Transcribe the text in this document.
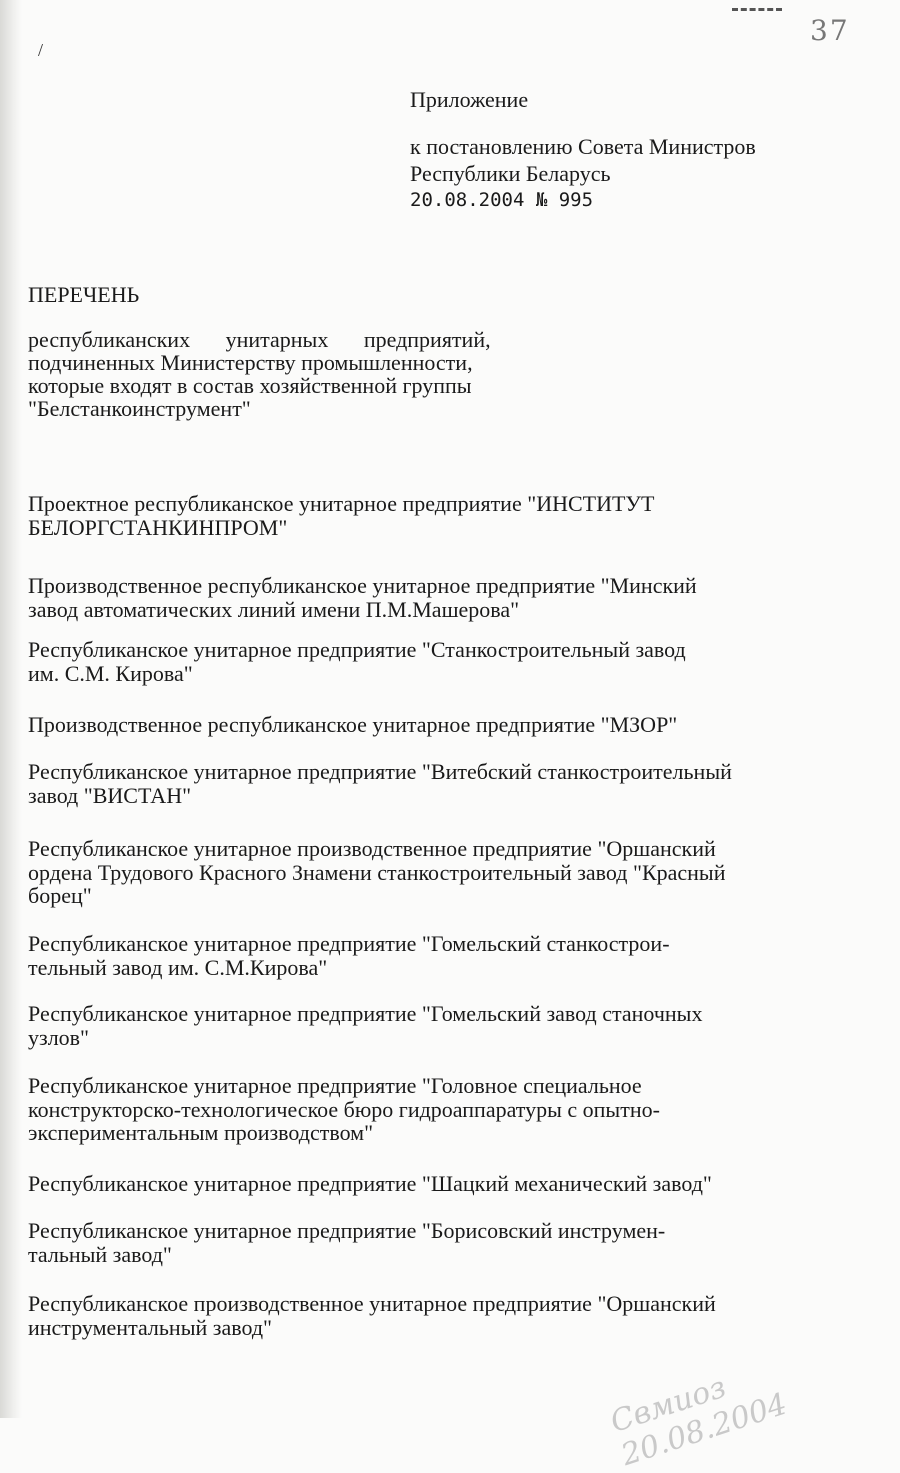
37
/
Приложение
к постановлению Совета Министров
Республики Беларусь
20.08.2004 № 995
ПЕРЕЧЕНЬ
республиканских унитарных предприятий,
подчиненных Министерству промышленности,
которые входят в состав хозяйственной группы
"Белстанкоинструмент"
Проектное республиканское унитарное предприятие "ИНСТИТУТ
БЕЛОРГСТАНКИНПРОМ"
Производственное республиканское унитарное предприятие "Минский
завод автоматических линий имени П.М.Машерова"
Республиканское унитарное предприятие "Станкостроительный завод
им. С.М. Кирова"
Производственное республиканское унитарное предприятие "МЗОР"
Республиканское унитарное предприятие "Витебский станкостроительный
завод "ВИСТАН"
Республиканское унитарное производственное предприятие "Оршанский
ордена Трудового Красного Знамени станкостроительный завод "Красный
борец"
Республиканское унитарное предприятие "Гомельский станкострои-
тельный завод им. С.М.Кирова"
Республиканское унитарное предприятие "Гомельский завод станочных
узлов"
Республиканское унитарное предприятие "Головное специальное
конструкторско-технологическое бюро гидроаппаратуры с опытно-
экспериментальным производством"
Республиканское унитарное предприятие "Шацкий механический завод"
Республиканское унитарное предприятие "Борисовский инструмен-
тальный завод"
Республиканское производственное унитарное предприятие "Оршанский
инструментальный завод"
Свмиоз 20.08.2004
